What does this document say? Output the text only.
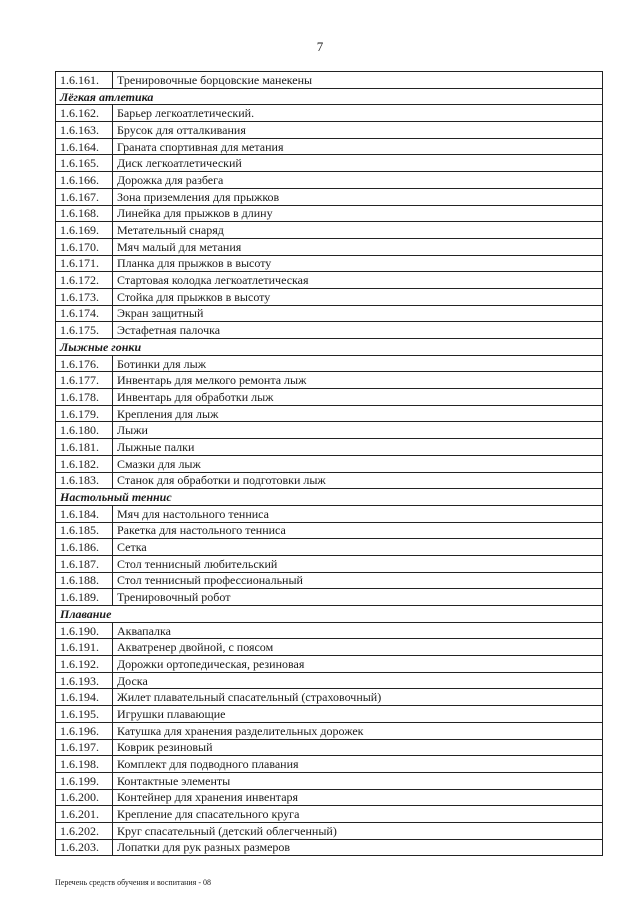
7
1.6.161.	Тренировочные борцовские манекены
Лёгкая атлетика	
1.6.162.	Барьер легкоатлетический.
1.6.163.	Брусок для отталкивания
1.6.164.	Граната спортивная для метания
1.6.165.	Диск легкоатлетический
1.6.166.	Дорожка для разбега
1.6.167.	Зона приземления для прыжков
1.6.168.	Линейка для прыжков в длину
1.6.169.	Метательный снаряд
1.6.170.	Мяч малый для метания
1.6.171.	Планка для прыжков в высоту
1.6.172.	Стартовая колодка легкоатлетическая
1.6.173.	Стойка для прыжков в высоту
1.6.174.	Экран защитный
1.6.175.	Эстафетная палочка
Лыжные гонки	
1.6.176.	Ботинки для лыж
1.6.177.	Инвентарь для мелкого ремонта лыж
1.6.178.	Инвентарь для обработки лыж
1.6.179.	Крепления для лыж
1.6.180.	Лыжи
1.6.181.	Лыжные палки
1.6.182.	Смазки для лыж
1.6.183.	Станок для обработки и подготовки лыж
Настольный теннис	
1.6.184.	Мяч для настольного тенниса
1.6.185.	Ракетка для настольного тенниса
1.6.186.	Сетка
1.6.187.	Стол теннисный любительский
1.6.188.	Стол теннисный профессиональный
1.6.189.	Тренировочный робот
Плавание	
1.6.190.	Аквапалка
1.6.191.	Акватренер двойной, с поясом
1.6.192.	Дорожки ортопедическая, резиновая
1.6.193.	Доска
1.6.194.	Жилет плавательный спасательный (страховочный)
1.6.195.	Игрушки плавающие
1.6.196.	Катушка для хранения разделительных дорожек
1.6.197.	Коврик резиновый
1.6.198.	Комплект для подводного плавания
1.6.199.	Контактные элементы
1.6.200.	Контейнер для хранения инвентаря
1.6.201.	Крепление для спасательного круга
1.6.202.	Круг спасательный (детский облегченный)
1.6.203.	Лопатки для рук разных размеров
Перечень средств обучения и воспитания - 08
